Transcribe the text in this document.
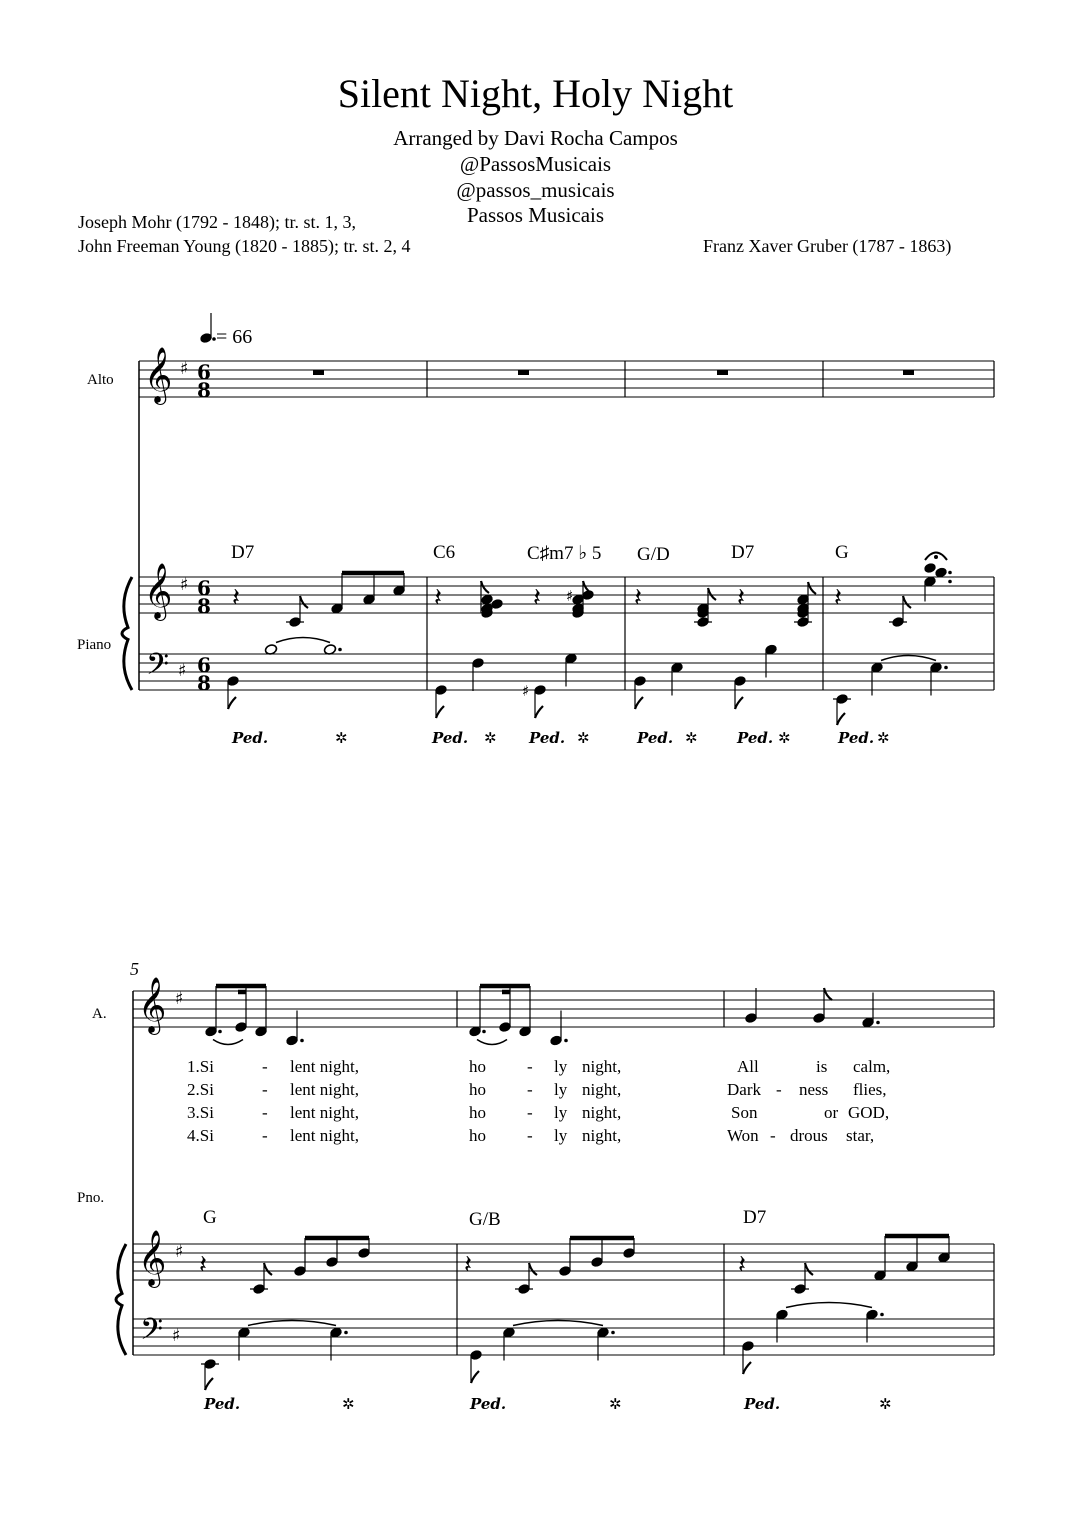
Silent Night, Holy Night
Arranged by Davi Rocha Campos
@PassosMusicais
@passos_musicais
Passos Musicais
Joseph Mohr (1792 - 1848); tr. st. 1, 3,
John Freeman Young (1820 - 1885); tr. st. 2, 4	Franz Xaver Gruber (1787 - 1863)
Alto
Piano
= 66
D7	C6	C♯m7 ♭ 5 G/D	D7	G
5
A.
Pno.
G	G/B	D7
1.Si	- lent night,	ho - ly night,	All	is calm,
2.Si	- lent night,	ho - ly night,	Dark - ness flies,
3.Si	- lent night,	ho - ly night,	Son	or GOD,
4.Si	- lent night,	ho - ly night,	Won - drous star,
𝄞 ♯ 6
8
𝄞 ♯ 6
8
𝄢 ♯ 6
8
𝄽	𝄽	𝄽 ♯ 𝄽	𝄽	𝄽
♯
Ped.	✲	Ped. ✲ Ped. ✲	Ped. ✲	Ped. ✲	Ped. ✲
𝄞 ♯
𝄞 ♯
𝄢 ♯
𝄽	𝄽	𝄽
Ped.	✲	Ped.	✲	Ped.	✲
